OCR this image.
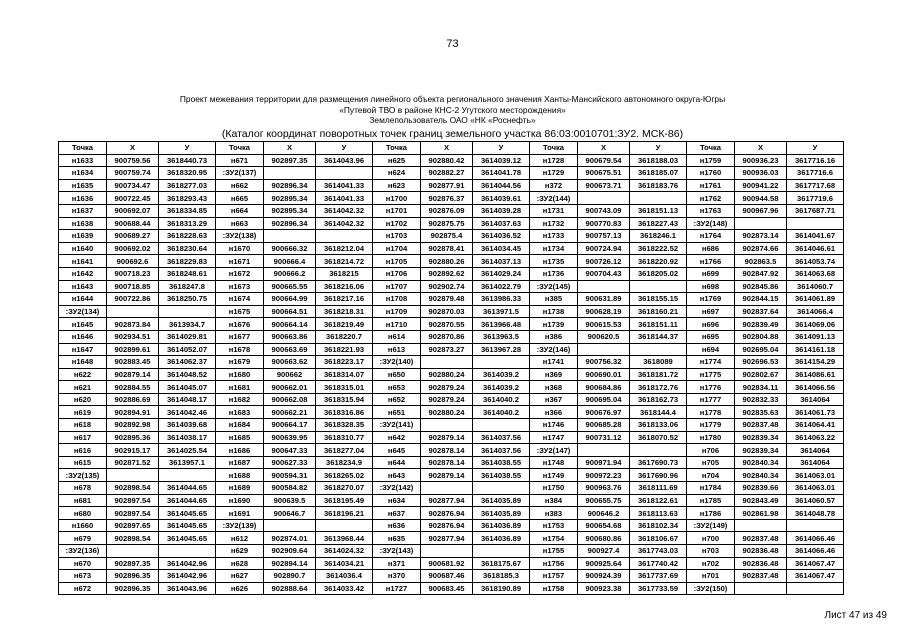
73
Проект межевания территории для размещения линейного объекта регионального значения Ханты-Мансийского автономного округа-Югры
«Путевой ТВО в районе КНС-2 Угутского месторождения»
Землепользователь ОАО «НК «Роснефть»
(Каталог координат поворотных точек границ земельного участка 86:03:0010701:ЗУ2. МСК-86)
Точка	X	У	Точка	X	У	Точка	X	У	Точка	X	У	Точка	X	У
н1633	900759.56	3618440.73	н671	902897.35	3614043.96	н625	902880.42	3614039.12	н1728	900679.54	3618188.03	н1759	900936.23	3617716.16
н1634	900759.74	3618320.95	:ЗУ2(137)			н624	902882.27	3614041.78	н1729	900675.51	3618185.07	н1760	900936.03	3617716.6
н1635	900734.47	3618277.03	н662	902896.34	3614041.33	н623	902877.91	3614044.56	н372	900673.71	3618183.76	н1761	900941.22	3617717.68
н1636	900722.45	3618293.43	н665	902895.34	3614041.33	н1700	902876.37	3614039.61	:ЗУ2(144)			н1762	900944.58	3617719.6
н1637	900692.07	3618334.85	н664	902895.34	3614042.32	н1701	902876.09	3614039.28	н1731	900743.09	3618151.13	н1763	900967.96	3617687.71
н1638	900688.44	3618313.29	н663	902896.34	3614042.32	н1702	902875.75	3614037.63	н1732	900770.83	3618227.43	:ЗУ2(148)		
н1639	900689.27	3618228.63	:ЗУ2(138)			н1703	902875.4	3614036.52	н1733	900757.13	3618246.1	н1764	902873.14	3614041.67
н1640	900692.02	3618230.64	н1670	900666.32	3618212.04	н1704	902878.41	3614034.45	н1734	900724.94	3618222.52	н686	902874.66	3614046.61
н1641	900692.6	3618229.83	н1671	900666.4	3618214.72	н1705	902880.26	3614037.13	н1735	900726.12	3618220.92	н1766	902863.5	3614053.74
н1642	900718.23	3618248.61	н1672	900666.2	3618215	н1706	902892.62	3614029.24	н1736	900704.43	3618205.02	н699	902847.92	3614063.68
н1643	900718.85	3618247.8	н1673	900665.55	3618216.06	н1707	902902.74	3614022.79	:ЗУ2(145)			н698	902845.86	3614060.7
н1644	900722.86	3618250.75	н1674	900664.99	3618217.16	н1708	902879.48	3613986.33	н385	900631.89	3618155.15	н1769	902844.15	3614061.89
:ЗУ2(134)			н1675	900664.51	3618218.31	н1709	902870.03	3613971.5	н1738	900628.19	3618160.21	н697	902837.64	3614066.4
н1645	902873.84	3613934.7	н1676	900664.14	3618219.49	н1710	902870.55	3613966.48	н1739	900615.53	3618151.11	н696	902839.49	3614069.06
н1646	902934.51	3614029.81	н1677	900663.86	3618220.7	н614	902870.86	3613963.5	н386	900620.5	3618144.37	н695	902804.88	3614091.13
н1647	902899.61	3614052.07	н1678	900663.69	3618221.93	н613	902873.27	3613967.28	:ЗУ2(146)			н694	902695.04	3614161.18
н1648	902883.45	3614062.37	н1679	900663.62	3618223.17	:ЗУ2(140)			н1741	900756.32	3618089	н1774	902696.53	3614154.29
н622	902879.14	3614048.52	н1680	900662	3618314.07	н650	902880.24	3614039.2	н369	900690.01	3618181.72	н1775	902802.67	3614086.61
н621	902884.55	3614045.07	н1681	900662.01	3618315.01	н653	902879.24	3614039.2	н368	900684.86	3618172.76	н1776	902834.11	3614066.56
н620	902886.69	3614048.17	н1682	900662.08	3618315.94	н652	902879.24	3614040.2	н367	900695.04	3618162.73	н1777	902832.33	3614064
н619	902894.91	3614042.46	н1683	900662.21	3618316.86	н651	902880.24	3614040.2	н366	900676.97	3618144.4	н1778	902835.63	3614061.73
н618	902892.98	3614039.68	н1684	900664.17	3618328.35	:ЗУ2(141)			н1746	900685.28	3618133.06	н1779	902837.48	3614064.41
н617	902895.36	3614038.17	н1685	900639.95	3618310.77	н642	902879.14	3614037.56	н1747	900731.12	3618070.52	н1780	902839.34	3614063.22
н616	902915.17	3614025.54	н1686	900647.33	3618277.04	н645	902878.14	3614037.56	:ЗУ2(147)			н706	902839.34	3614064
н615	902871.52	3613957.1	н1687	900627.33	3618234.9	н644	902878.14	3614038.55	н1748	900971.94	3617690.73	н705	902840.34	3614064
:ЗУ2(135)			н1688	900594.31	3618265.02	н643	902879.14	3614038.55	н1749	900972.23	3617690.96	н704	902840.34	3614063.01
н678	902898.54	3614044.65	н1689	900584.82	3618270.07	:ЗУ2(142)			н1750	900963.76	3618111.69	н1784	902839.66	3614063.01
н681	902897.54	3614044.65	н1690	900639.5	3618195.49	н634	902877.94	3614035.89	н384	900655.75	3618122.61	н1785	902843.49	3614060.57
н680	902897.54	3614045.65	н1691	900646.7	3618196.21	н637	902876.94	3614035.89	н383	900646.2	3618113.63	н1786	902861.98	3614048.78
н1660	902897.65	3614045.65	:ЗУ2(139)			н636	902876.94	3614036.89	н1753	900654.68	3618102.34	:ЗУ2(149)		
н679	902898.54	3614045.65	н612	902874.01	3613968.44	н635	902877.94	3614036.89	н1754	900680.86	3618106.67	н700	902837.48	3614066.46
:ЗУ2(136)			н629	902909.64	3614024.32	:ЗУ2(143)			н1755	900927.4	3617743.03	н703	902836.48	3614066.46
н670	902897.35	3614042.96	н628	902894.14	3614034.21	н371	900681.92	3618175.67	н1756	900925.64	3617740.42	н702	902836.48	3614067.47
н673	902896.35	3614042.96	н627	902890.7	3614036.4	н370	900687.46	3618185.3	н1757	900924.39	3617737.69	н701	902837.48	3614067.47
н672	902896.35	3614043.96	н626	902888.64	3614033.42	н1727	900683.45	3618190.89	н1758	900923.38	3617733.59	:ЗУ2(150)		
Лист 47 из 49
